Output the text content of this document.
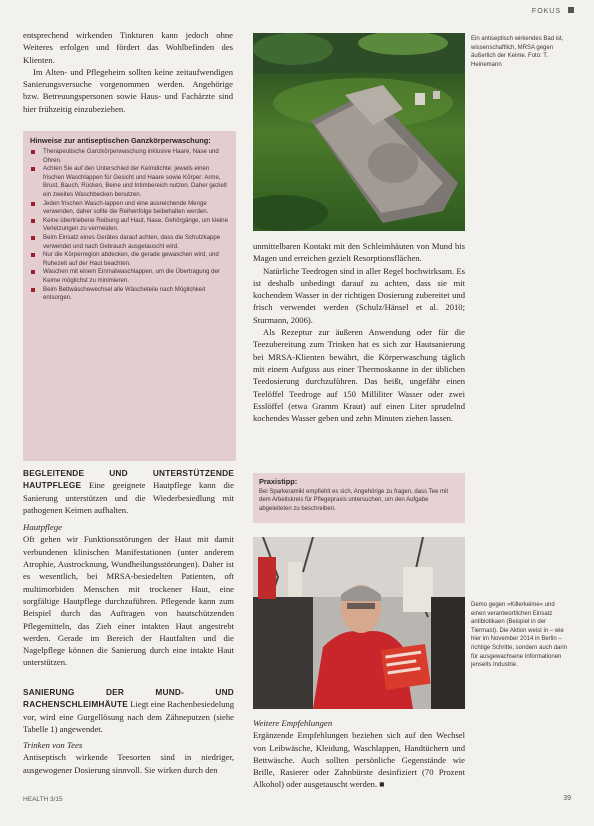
FOKUS

entsprechend wirkenden Tinkturen kann jedoch ohne Weiteres erfolgen und fördert das Wohlbefinden des Klienten.

Im Alten- und Pflegeheim sollten keine zeitaufwendigen Sanierungsversuche vorgenommen werden. Angehörige bzw. Betreuungspersonen sowie Haus- und Fachärzte sind hier frühzeitig einzubeziehen.

Hinweise zur antiseptischen Ganzkörperwaschung:
Therapeutische Ganzkörperwaschung inklusive Haare, Nase und Ohren.
Achten Sie auf den Unterschied der Keimdichte: jeweils einen frischen Waschlappen für Gesicht und Haare sowie Körper: Arme, Brust, Bauch, Rücken, Beine und Intimbereich nutzen. Daher gezielt ein zweites Waschbecken benutzen.
Jeden frischen Wasch-lappen und eine ausreichende Menge verwenden, daher sollte die Reihenfolge beibehalten werden.
Keine übertriebene Reibung auf Haut, Nase, Gehörgänge, um kleine Verletzungen zu vermeiden.
Beim Einsatz eines Gerätes darauf achten, dass die Schutzkappe verwendet und nach Gebrauch ausgetauscht wird.
Nur die Körperregion abdecken, die gerade gewaschen wird, und Ruhezeit auf der Haut beachten.
Waschen mit einem Einmalwaschlappen, um die Übertragung der Keime möglichst zu minimieren.
Beim Bettwäschewechsel alle Wäscheteile nach Möglichkeit entsorgen.

BEGLEITENDE UND UNTERSTÜTZENDE HAUTPFLEGE Eine geeignete Hautpflege kann die Sanierung unterstützen und die Wiederbesiedlung mit pathogenen Keimen aufhalten.

Hautpflege

Oft gehen wir Funktionsstörungen der Haut mit damit verbundenen klinischen Manifestationen (unter anderem Atrophie, Austrocknung, Wundheilungsstörungen). Daher ist es wesentlich, bei MRSA-besiedelten Patienten, oft multimorbiden Menschen mit trockener Haut, eine sorgfältige Hautpflege durchzuführen. Pflegende kann zum Beispiel durch das Auftragen von hautschützenden Pflegemitteln, das Zieh einer intakten Haut angestrebt werden. Gerade im Bereich der Hautfalten und die Nagelpflege können die Sanierung durch eine intakte Haut unterstützen.

SANIERUNG DER MUND- UND RACHENSCHLEIMHÄUTE Liegt eine Rachenbesiedelung vor, wird eine Gurgellösung nach dem Zähneputzen (siehe Tabelle 1) angewendet.

Trinken von Tees

Antiseptisch wirkende Teesorten sind in niedriger, ausgewogener Dosierung sinnvoll. Sie wirken durch den

Ein antiseptisch wirkendes Bad ist, wissenschaftlich, MRSA gegen äußerlich der Keime. Foto: T. Heinemann

unmittelbaren Kontakt mit den Schleimhäuten von Mund bis Magen und erreichen gezielt Resorptionsflächen.

Natürliche Teedrogen sind in aller Regel hochwirksam. Es ist deshalb unbedingt darauf zu achten, dass sie mit kochendem Wasser in der richtigen Dosierung zubereitet und frisch verwendet werden (Schulz/Hänsel et al. 2010; Sturmann, 2006).

Als Rezeptur zur äußeren Anwendung oder für die Teezubereitung zum Trinken hat es sich zur Hautsanierung bei MRSA-Klienten bewährt, die Körperwaschung täglich mit einem Aufguss aus einer Thermoskanne in der üblichen Teedosierung durchzuführen. Das heißt, ungefähr einen Teelöffel Teedroge auf 150 Milliliter Wasser oder zwei Esslöffel (etwa Gramm Kraut) auf einen Liter sprudelnd kochendes Wasser geben und zehn Minuten ziehen lassen.

Praxistipp:
Bei Sparkeramikl empfiehlt es sich, Angehörige zu fragen, dass Tee mit dem Arbeitskreis für Pflegepraxis untersuchen, um den Aufgabe abgeleiteten zu beschreiben.
Demo gegen »Killerkeime« und einen verantwortlichen Einsatz antibiotikaen (Beispiel in der Tiermast). Die Aktion weist in – wie hier im November 2014 in Berlin – richtige Schritte, sondern auch darin für ausgewachsene Informationen jenseits Industrie.
Weitere Empfehlungen

Ergänzende Empfehlungen beziehen sich auf den Wechsel von Leibwäsche, Kleidung, Waschlappen, Handtüchern und Bettwäsche. Auch sollten persönliche Gegenstände wie Brille, Rasierer oder Zahnbürste desinfiziert (70 Prozent Alkohol) oder ausgetauscht werden. ■

HEALTH 3/15	39
